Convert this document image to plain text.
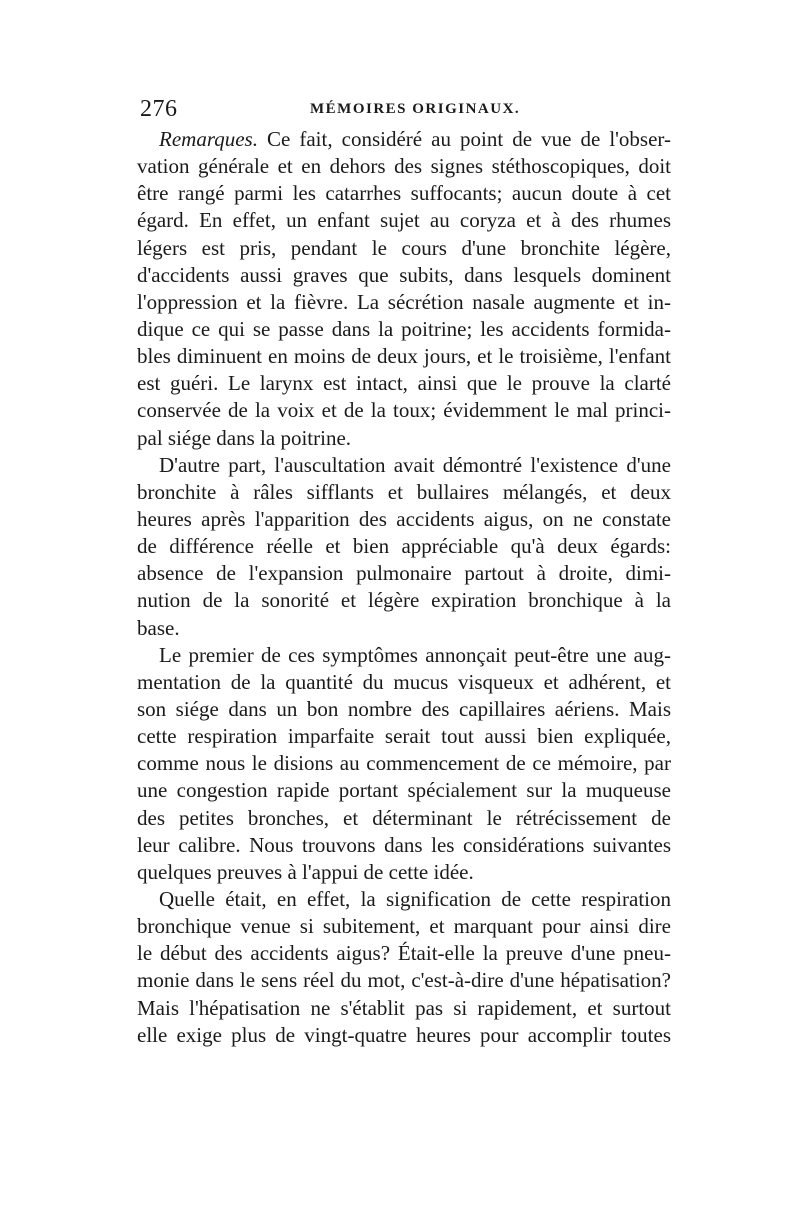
276	MÉMOIRES ORIGINAUX.
Remarques. Ce fait, considéré au point de vue de l'obser-
vation générale et en dehors des signes stéthoscopiques, doit
être rangé parmi les catarrhes suffocants; aucun doute à cet
égard. En effet, un enfant sujet au coryza et à des rhumes
légers est pris, pendant le cours d'une bronchite légère,
d'accidents aussi graves que subits, dans lesquels dominent
l'oppression et la fièvre. La sécrétion nasale augmente et in-
dique ce qui se passe dans la poitrine; les accidents formida-
bles diminuent en moins de deux jours, et le troisième, l'enfant
est guéri. Le larynx est intact, ainsi que le prouve la clarté
conservée de la voix et de la toux; évidemment le mal princi-
pal siége dans la poitrine.
D'autre part, l'auscultation avait démontré l'existence d'une
bronchite à râles sifflants et bullaires mélangés, et deux
heures après l'apparition des accidents aigus, on ne constate
de différence réelle et bien appréciable qu'à deux égards:
absence de l'expansion pulmonaire partout à droite, dimi-
nution de la sonorité et légère expiration bronchique à la
base.
Le premier de ces symptômes annonçait peut-être une aug-
mentation de la quantité du mucus visqueux et adhérent, et
son siége dans un bon nombre des capillaires aériens. Mais
cette respiration imparfaite serait tout aussi bien expliquée,
comme nous le disions au commencement de ce mémoire, par
une congestion rapide portant spécialement sur la muqueuse
des petites bronches, et déterminant le rétrécissement de
leur calibre. Nous trouvons dans les considérations suivantes
quelques preuves à l'appui de cette idée.
Quelle était, en effet, la signification de cette respiration
bronchique venue si subitement, et marquant pour ainsi dire
le début des accidents aigus? Était-elle la preuve d'une pneu-
monie dans le sens réel du mot, c'est-à-dire d'une hépatisation?
Mais l'hépatisation ne s'établit pas si rapidement, et surtout
elle exige plus de vingt-quatre heures pour accomplir toutes
